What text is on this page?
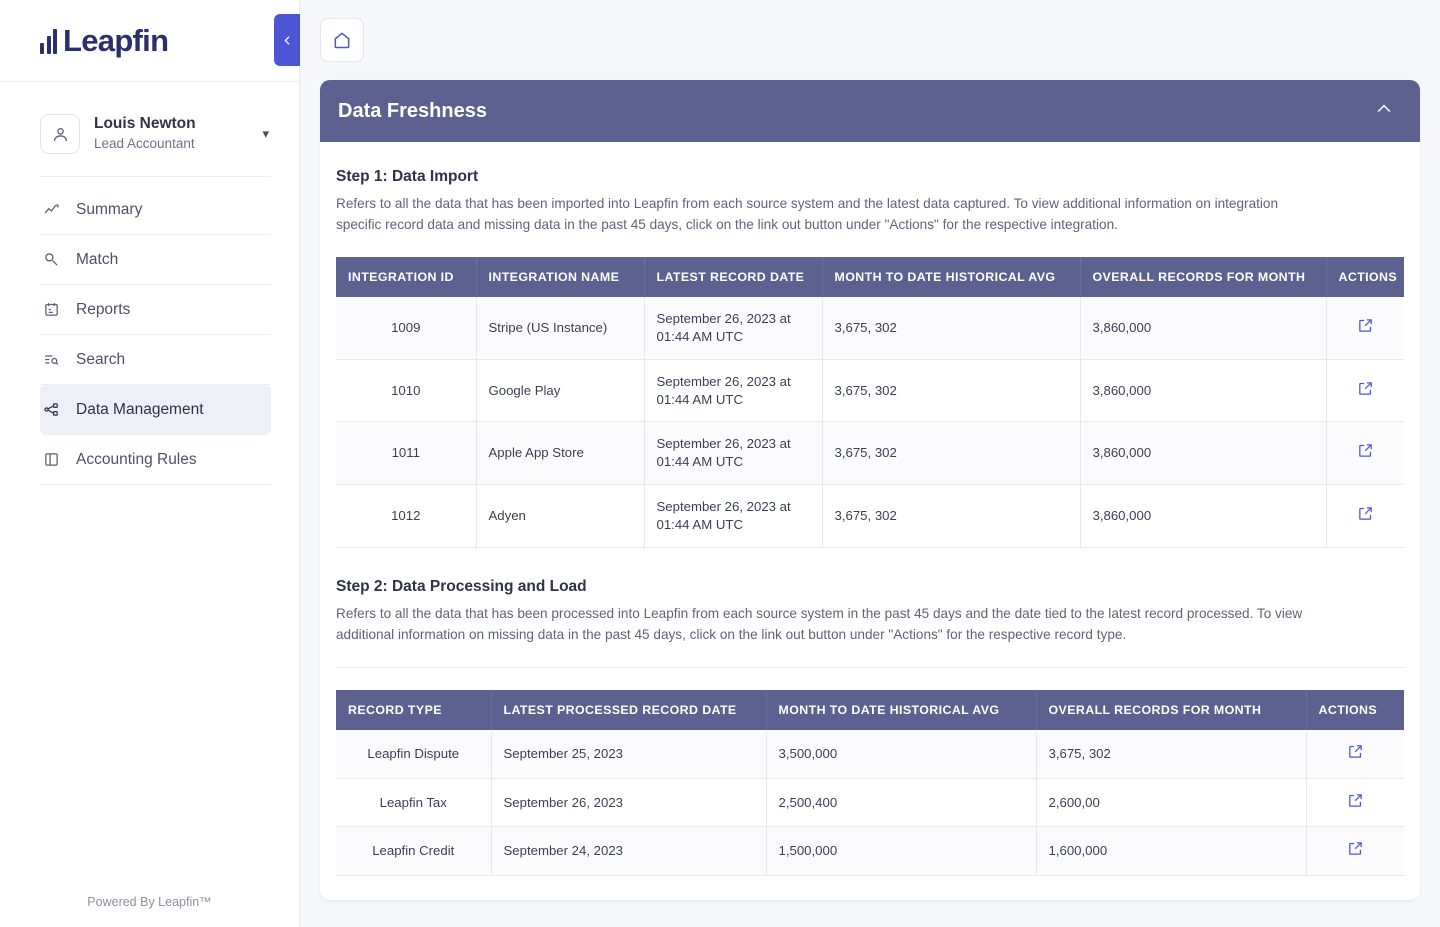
Leapfin
Louis Newton
Lead Accountant
▾
Summary
Match
Reports
Search
Data Management
Accounting Rules
Powered By Leapfin™
Data Freshness
Step 1: Data Import
Refers to all the data that has been imported into Leapfin from each source system and the latest data captured. To view additional information on integration specific record data and missing data in the past 45 days, click on the link out button under "Actions" for the respective integration.
INTEGRATION ID	INTEGRATION NAME	LATEST RECORD DATE	MONTH TO DATE HISTORICAL AVG	OVERALL RECORDS FOR MONTH	ACTIONS
1009	Stripe (US Instance)	September 26, 2023 at 01:44 AM UTC	3,675, 302	3,860,000	

1010	Google Play	September 26, 2023 at 01:44 AM UTC	3,675, 302	3,860,000	

1011	Apple App Store	September 26, 2023 at 01:44 AM UTC	3,675, 302	3,860,000	

1012	Adyen	September 26, 2023 at 01:44 AM UTC	3,675, 302	3,860,000	
Step 2: Data Processing and Load
Refers to all the data that has been processed into Leapfin from each source system in the past 45 days and the date tied to the latest record processed. To view additional information on missing data in the past 45 days, click on the link out button under "Actions" for the respective record type.
RECORD TYPE	LATEST PROCESSED RECORD DATE	MONTH TO DATE HISTORICAL AVG	OVERALL RECORDS FOR MONTH	ACTIONS
Leapfin Dispute	September 25, 2023	3,500,000	3,675, 302	

Leapfin Tax	September 26, 2023	2,500,400	2,600,00	

Leapfin Credit	September 24, 2023	1,500,000	1,600,000	
